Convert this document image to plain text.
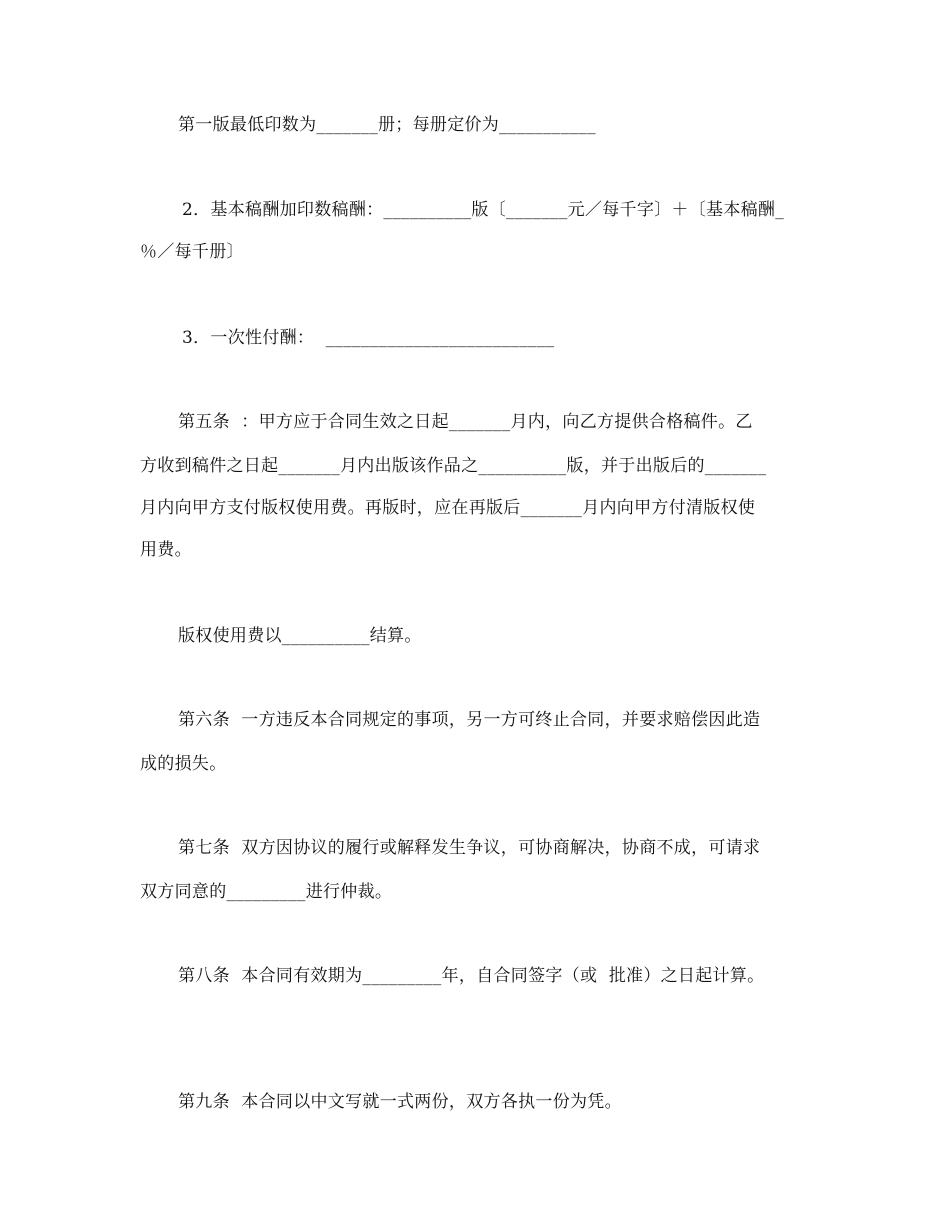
第一版最低印数为_______册；每册定价为___________
2．基本稿酬加印数稿酬：__________版〔_______元／每千字〕＋〔基本稿酬_
％／每千册〕
3．一次性付酬：  __________________________
第五条  ：甲方应于合同生效之日起_______月内，向乙方提供合格稿件。乙
方收到稿件之日起_______月内出版该作品之__________版，并于出版后的_______
月内向甲方支付版权使用费。再版时，应在再版后_______月内向甲方付清版权使
用费。
版权使用费以__________结算。
第六条  一方违反本合同规定的事项，另一方可终止合同，并要求赔偿因此造
成的损失。
第七条  双方因协议的履行或解释发生争议，可协商解决，协商不成，可请求
双方同意的_________进行仲裁。
第八条  本合同有效期为_________年，自合同签字（或  批准）之日起计算。
第九条  本合同以中文写就一式两份，双方各执一份为凭。
